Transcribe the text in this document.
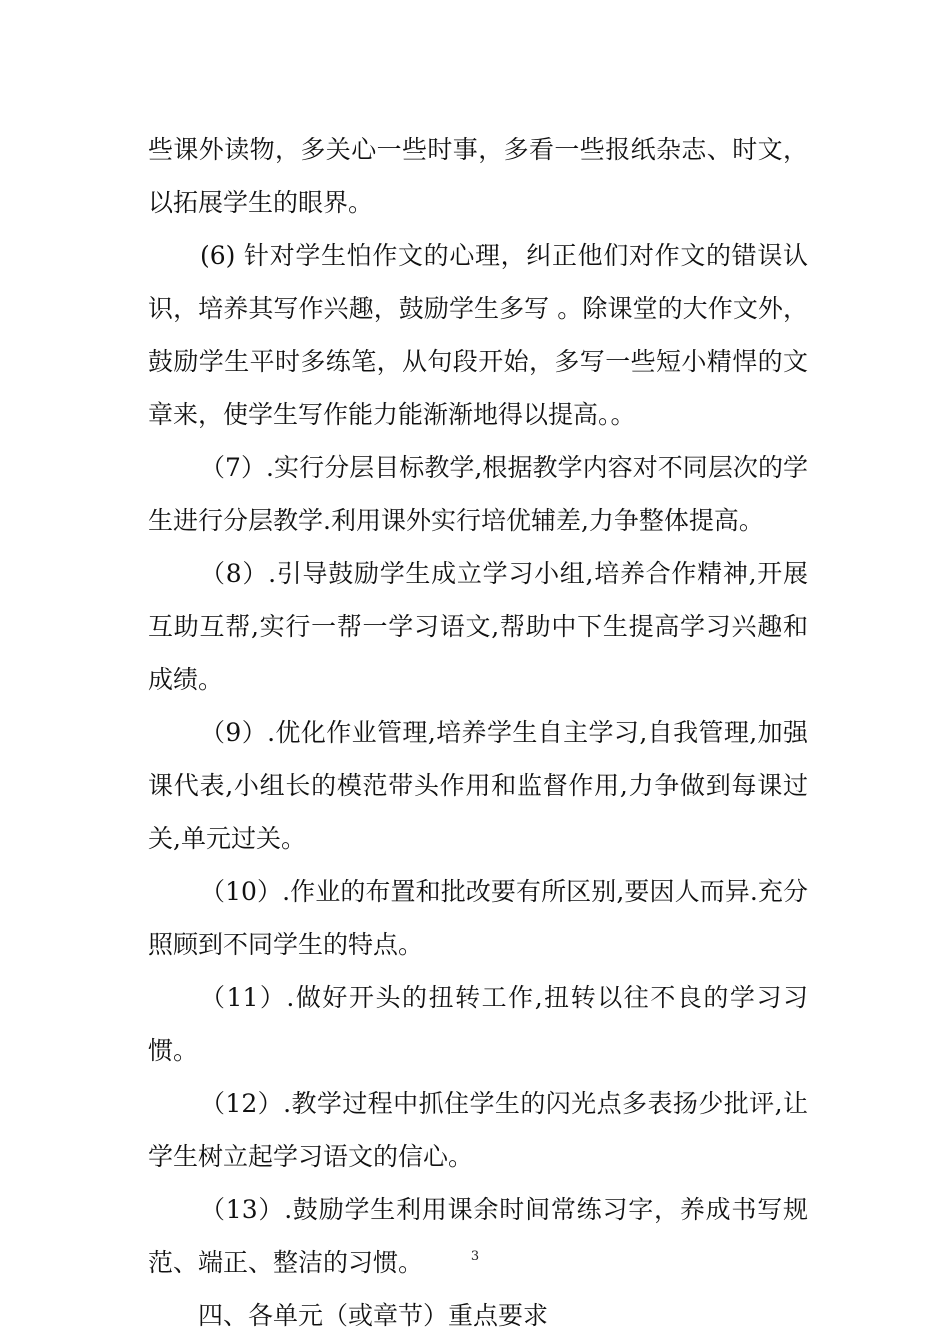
些课外读物，多关心一些时事，多看一些报纸杂志、时文，以拓展学生的眼界。

(6) 针对学生怕作文的心理，纠正他们对作文的错误认识，培养其写作兴趣，鼓励学生多写 。除课堂的大作文外，鼓励学生平时多练笔，从句段开始，多写一些短小精悍的文章来，使学生写作能力能渐渐地得以提高。。

（7）.实行分层目标教学,根据教学内容对不同层次的学生进行分层教学.利用课外实行培优辅差,力争整体提高。

（8）.引导鼓励学生成立学习小组,培养合作精神,开展互助互帮,实行一帮一学习语文,帮助中下生提高学习兴趣和成绩。

（9）.优化作业管理,培养学生自主学习,自我管理,加强课代表,小组长的模范带头作用和监督作用,力争做到每课过关,单元过关。

（10）.作业的布置和批改要有所区别,要因人而异.充分照顾到不同学生的特点。

（11）.做好开头的扭转工作,扭转以往不良的学习习惯。

（12）.教学过程中抓住学生的闪光点多表扬少批评,让学生树立起学习语文的信心。

（13）.鼓励学生利用课余时间常练习字，养成书写规范、端正、整洁的习惯。

四、各单元（或章节）重点要求

3
